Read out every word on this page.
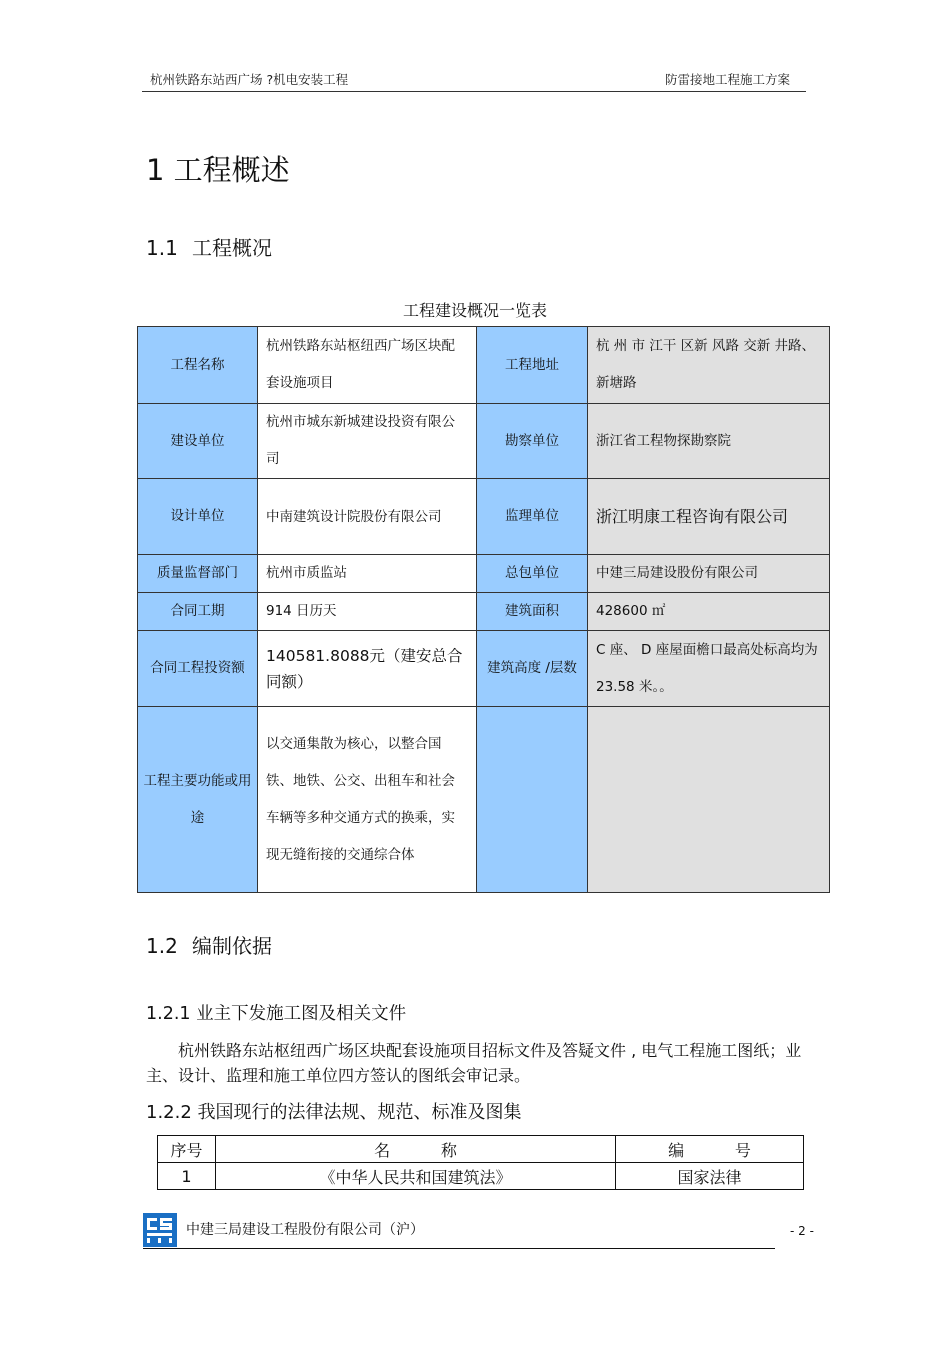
杭州铁路东站西广场 ?机电安装工程	防雷接地工程施工方案
1 工程概述
1.1 工程概况
工程建设概况一览表
工程名称	杭州铁路东站枢纽西广场区块配套设施项目	工程地址	杭 州 市 江干 区新 风路 交新 井路、新塘路
建设单位	杭州市城东新城建设投资有限公司	勘察单位	浙江省工程物探勘察院
设计单位	中南建筑设计院股份有限公司	监理单位	浙江明康工程咨询有限公司
质量监督部门	杭州市质监站	总包单位	中建三局建设股份有限公司
合同工期	914 日历天	建筑面积	428600 ㎡
合同工程投资额	140581.8088元（建安总合同额）	建筑高度 /层数	C 座、 D 座屋面檐口最高处标高均为 23.58 米。。
工程主要功能或用途	以交通集散为核心，以整合国铁、地铁、公交、出租车和社会车辆等多种交通方式的换乘，实现无缝衔接的交通综合体		
1.2 编制依据
1.2.1 业主下发施工图及相关文件
杭州铁路东站枢纽西广场区块配套设施项目招标文件及答疑文件 , 电气工程施工图纸；业主、设计、监理和施工单位四方签认的图纸会审记录。
1.2.2 我国现行的法律法规、规范、标准及图集
序号	名          称	编          号
1	《中华人民共和国建筑法》	国家法律
中建三局建设工程股份有限公司（沪）	- 2 -
